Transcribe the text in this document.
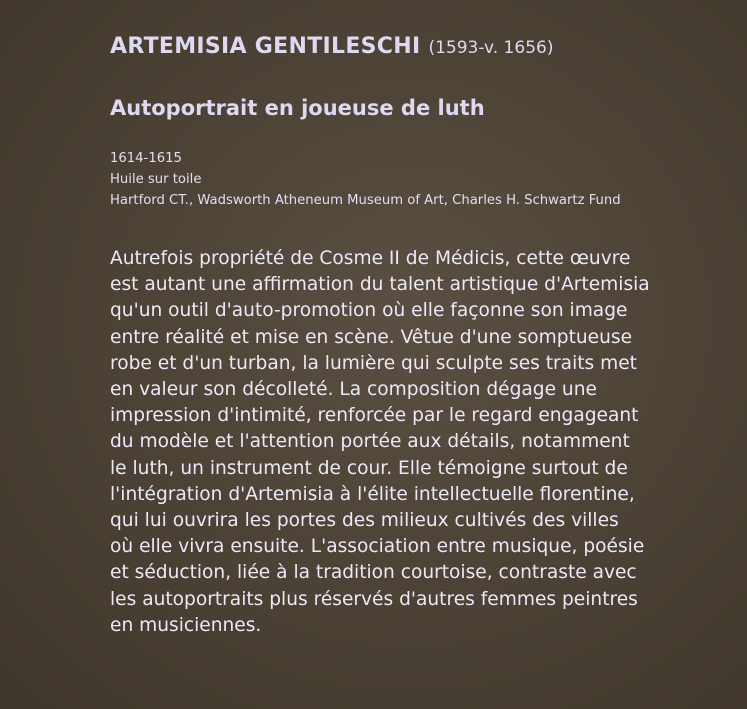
ARTEMISIA GENTILESCHI (1593-v. 1656)
Autoportrait en joueuse de luth
1614-1615
Huile sur toile
Hartford CT., Wadsworth Atheneum Museum of Art, Charles H. Schwartz Fund
Autrefois propriété de Cosme II de Médicis, cette œuvre
est autant une affirmation du talent artistique d'Artemisia
qu'un outil d'auto-promotion où elle façonne son image
entre réalité et mise en scène. Vêtue d'une somptueuse
robe et d'un turban, la lumière qui sculpte ses traits met
en valeur son décolleté. La composition dégage une
impression d'intimité, renforcée par le regard engageant
du modèle et l'attention portée aux détails, notamment
le luth, un instrument de cour. Elle témoigne surtout de
l'intégration d'Artemisia à l'élite intellectuelle florentine,
qui lui ouvrira les portes des milieux cultivés des villes
où elle vivra ensuite. L'association entre musique, poésie
et séduction, liée à la tradition courtoise, contraste avec
les autoportraits plus réservés d'autres femmes peintres
en musiciennes.
